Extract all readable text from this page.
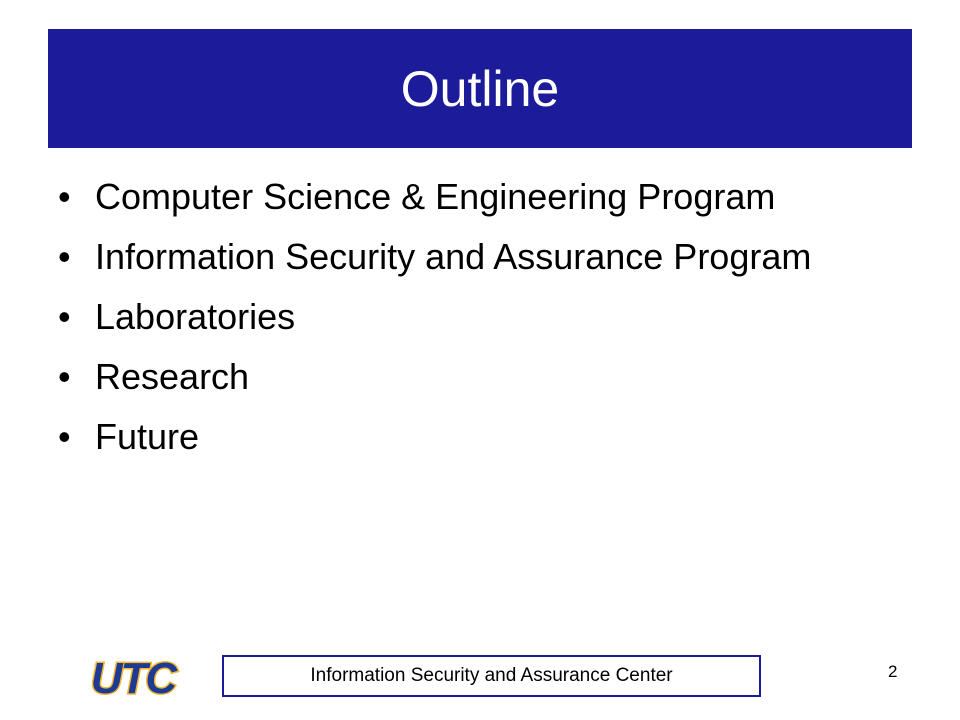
Outline
• Computer Science & Engineering Program
• Information Security and Assurance Program
• Laboratories
• Research
• Future
UTC	Information Security and Assurance Center	2
